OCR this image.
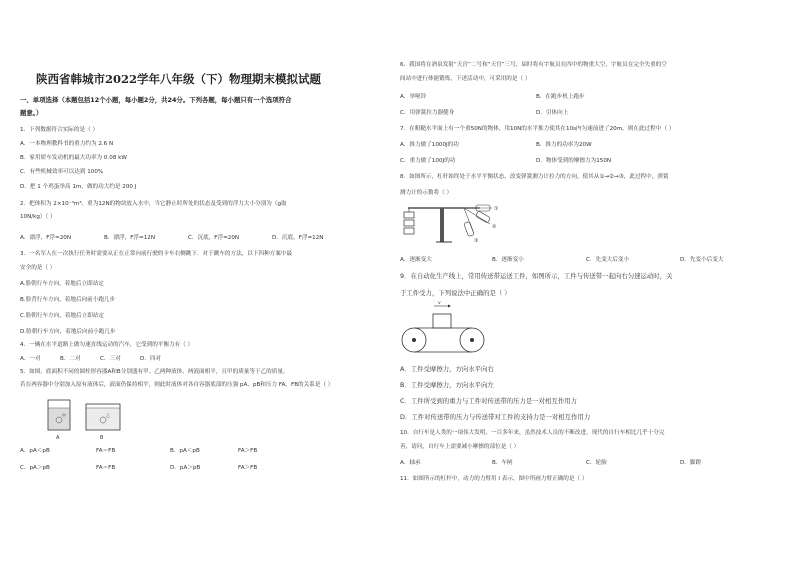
陕西省韩城市2022学年八年级（下）物理期末模拟试题
一、单项选择（本题包括12个小题，每小题2分，共24分。下列各题，每小题只有一个选项符合
题意。）
1．下列数据符合实际的是（ ）
A．一本物理教科书的重力约为 2.6 N
B．家用轿车发动机的最大功率为 0.08 kW
C．有些机械效率可以达到 100%
D．把 1 个鸡蛋举高 1m，做的功大约是 200 J
2．把体积为 2×10⁻³m³、重为12N的物块放入水中，当它静止时所处的状态及受到的浮力大小分别为（g取
10N/kg）（ ）
A．漂浮，F浮=20N	B．漂浮，F浮=12N	C．沉底，F浮=20N	D．沉底，F浮=12N
3．一名军人在一次执行任务时需要从正在正常向前行驶的卡车右侧跳下．对于跳车的方法，以下四种方案中最
安全的是（ ）
A.脸朝行车方向，着地后立即站定
B.脸背行车方向，着地后向前小跑几步
C.脸朝行车方向，着地后立即站定
D.脸朝行车方向，着地后向前小跑几步
4．一辆在水平道路上做匀速直线运动的汽车，它受到的平衡力有（ ）
A．一对	B．二对	C．三对	D．四对
5．如图，底面积不同的圆柱形容器A和B分别盛有甲、乙两种液体，两液面相平，且甲的质量等于乙的质量，
若在两容器中分别加入原有液体后，液面仍保持相平，则此时液体对各自容器底部的压强 pA、pB和压力 FA、FB的关系是（ ）
A	B
甲	乙
A．pA＜pB	FA＝FB	B．pA＜pB	FA＞FB
C．pA＞pB	FA＝FB	D．pA＞pB	FA＞FB
6．我国将在酒泉发射“天宫”二号和“天宫”三号，届时将有宇航员在四中的物重大空，宇航员在完全失重的空
间站中进行体能锻炼，下述活动中，可采用的是（ ）
A．举哑铃	B．在跑步机上跑步
C．用弹簧拉力器健身	D．引体向上
7．在粗糙水平面上有一个重50N的物体，用10N的水平推力使其在10s内匀速前进了20m，则在此过程中（ ）
A．推力做了1000J的功	B．推力的功率为20W
C．重力做了100J的功	D．物体受到的摩擦力为150N
8．如图所示，杠杆始终处于水平平衡状态，改变弹簧测力计拉力的方向，使其从①→②→③，此过程中，弹簧
测力计的示数将（ ）
①
②
③
A．逐渐变大	B．逐渐变小	C．先变大后变小	D．先变小后变大
9．在自动化生产线上，常用传送带运送工件，如图所示，工件与传送带一起向右匀速运动时，关
于工件受力，下列说法中正确的是（ ）
v
A．工件受摩擦力，方向水平向右
B．工件受摩擦力，方向水平向左
C．工件所受到的重力与工件对传送带的压力是一对相互作用力
D．工件对传送带的压力与传送带对工件的支持力是一对相互作用力
10．自行车是人类的一项伟大发明，一百多年来，虽然技术人员的不断改进，现代的自行车相比几乎十分完
善，请问，自行车上需要减小摩擦的部位是（ ）
A．轴承	B．车闸	C．轮胎	D．脚蹬
11．如图所示的杠杆中，动力的力臂用 l 表示，图中所画力臂正确的是（ ）
